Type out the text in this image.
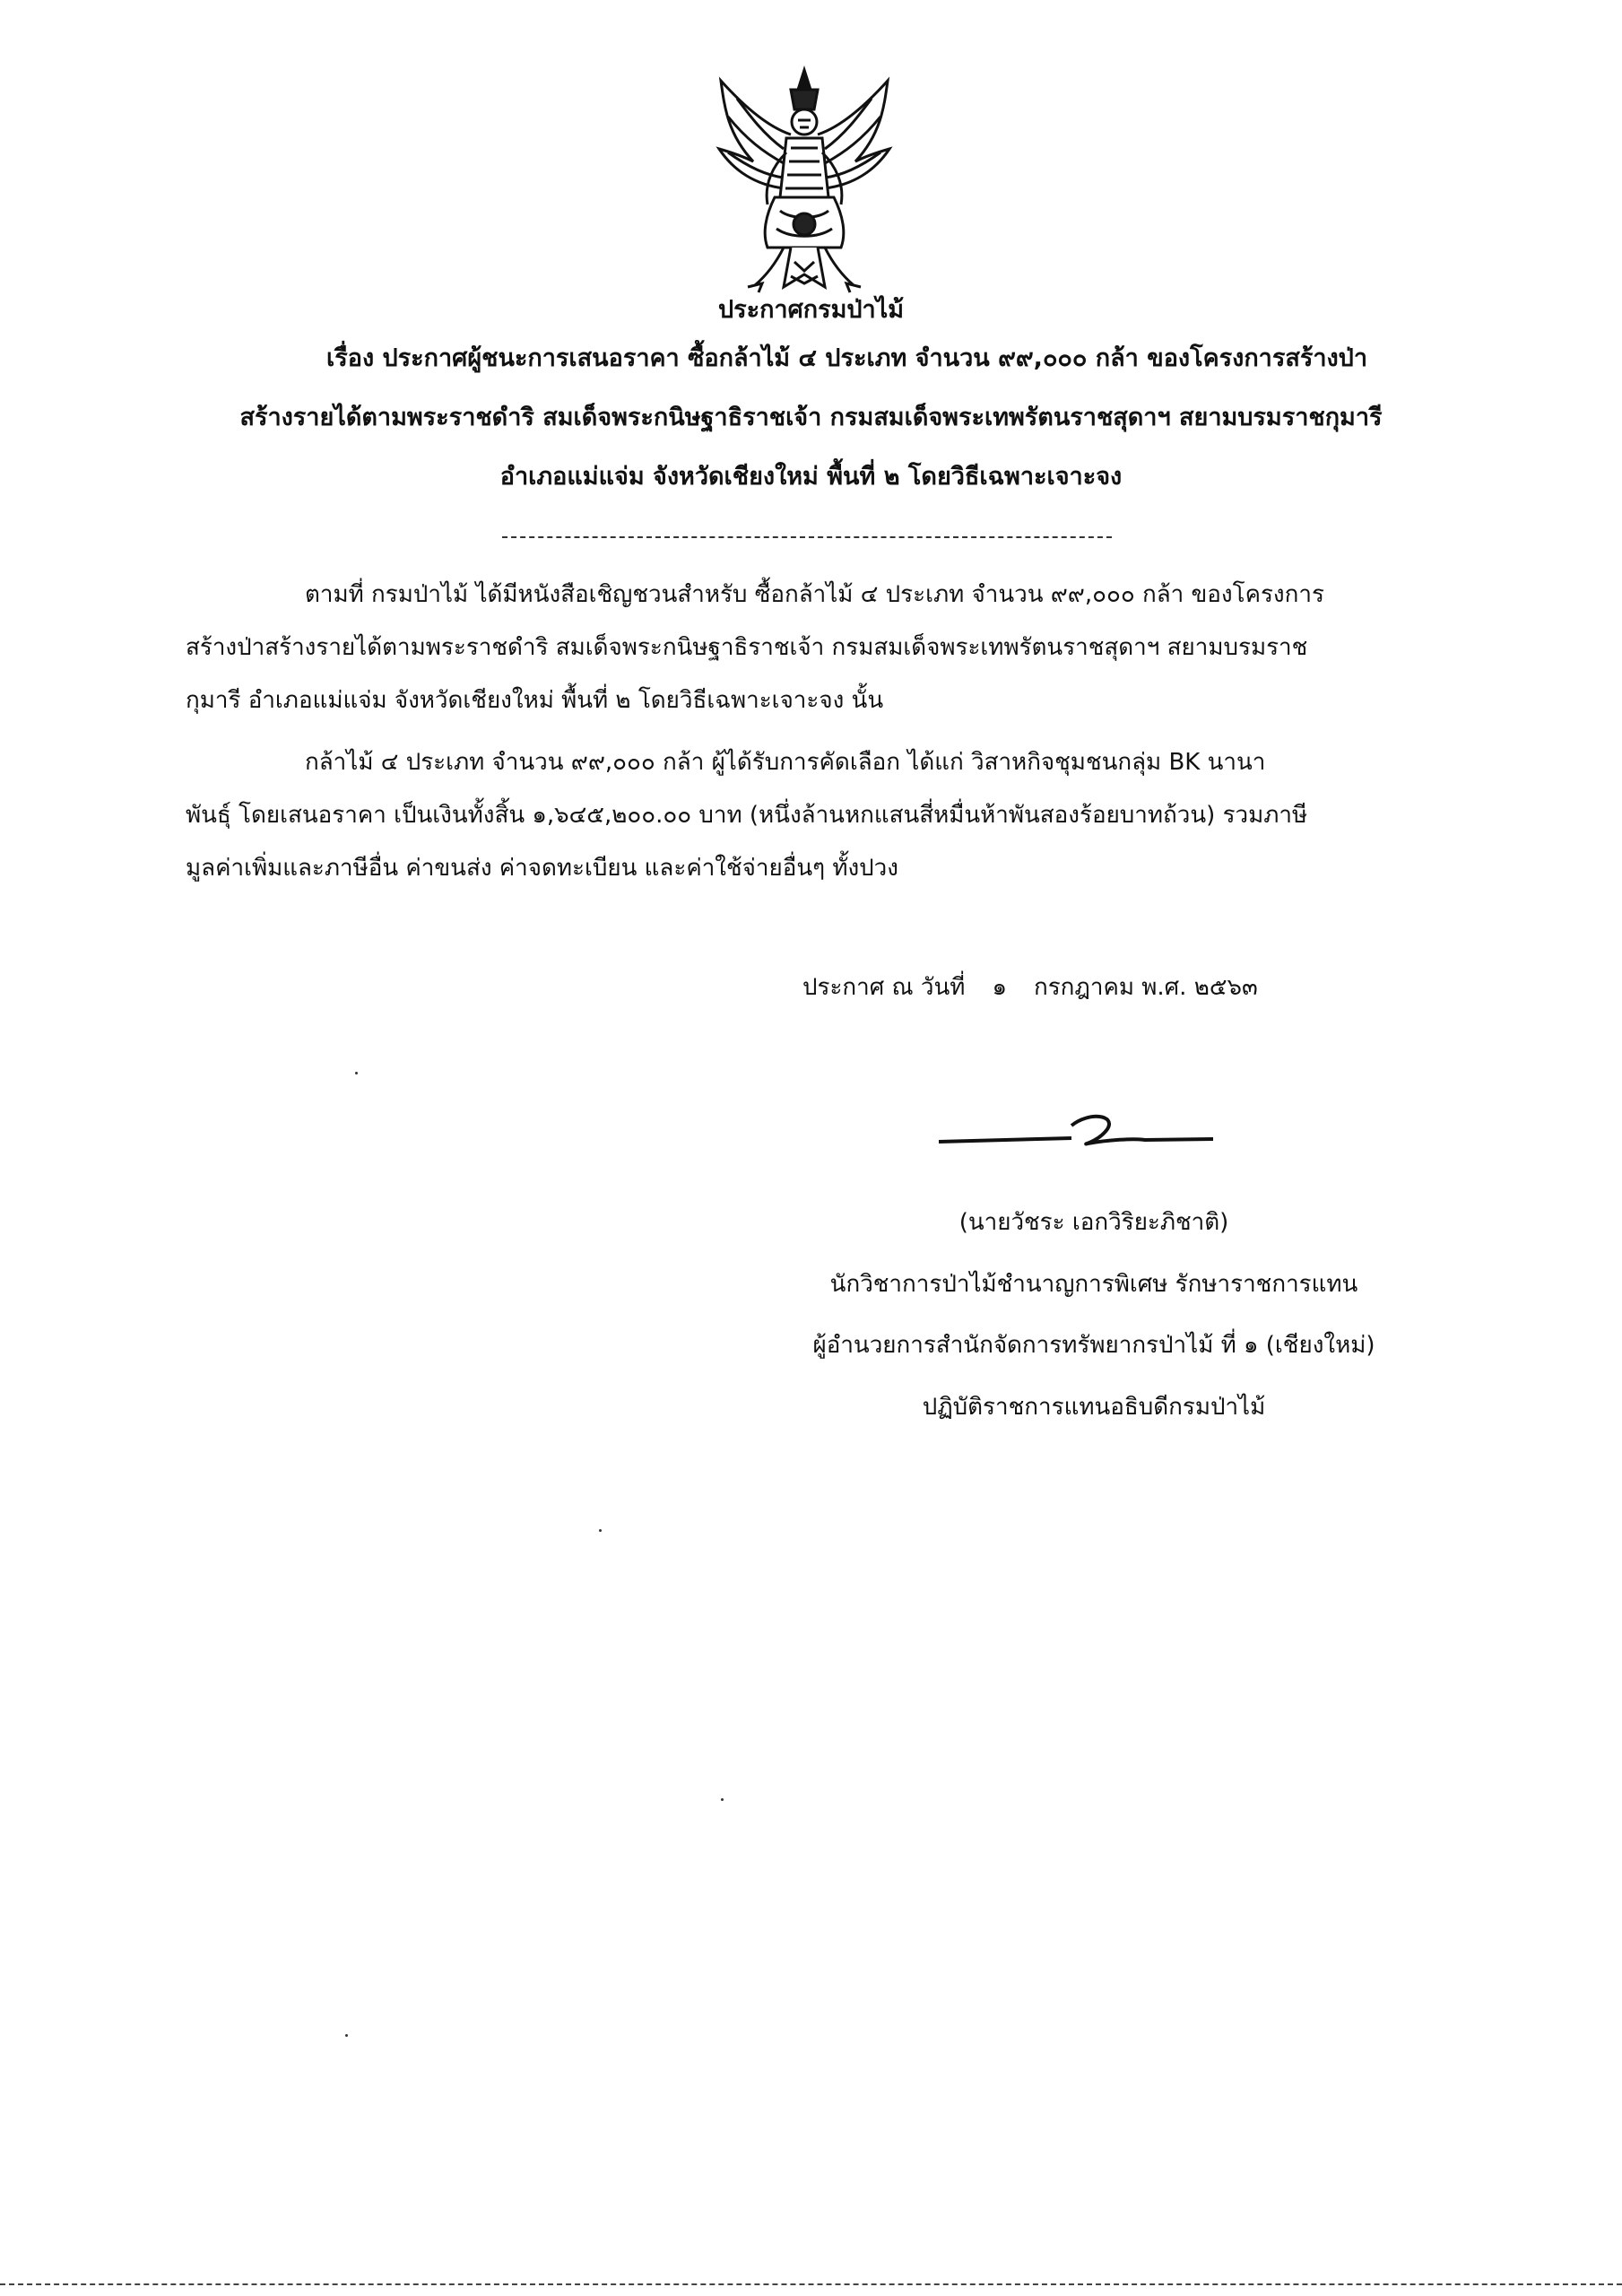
ประกาศกรมป่าไม้

เรื่อง ประกาศผู้ชนะการเสนอราคา ซื้อกล้าไม้ ๔ ประเภท จำนวน ๙๙,๐๐๐ กล้า ของโครงการสร้างป่า

สร้างรายได้ตามพระราชดำริ สมเด็จพระกนิษฐาธิราชเจ้า กรมสมเด็จพระเทพรัตนราชสุดาฯ สยามบรมราชกุมารี

อำเภอแม่แจ่ม จังหวัดเชียงใหม่ พื้นที่ ๒ โดยวิธีเฉพาะเจาะจง

ตามที่ กรมป่าไม้ ได้มีหนังสือเชิญชวนสำหรับ ซื้อกล้าไม้ ๔ ประเภท จำนวน ๙๙,๐๐๐ กล้า ของโครงการ

สร้างป่าสร้างรายได้ตามพระราชดำริ สมเด็จพระกนิษฐาธิราชเจ้า กรมสมเด็จพระเทพรัตนราชสุดาฯ สยามบรมราช

กุมารี อำเภอแม่แจ่ม จังหวัดเชียงใหม่ พื้นที่ ๒ โดยวิธีเฉพาะเจาะจง นั้น

กล้าไม้ ๔ ประเภท จำนวน ๙๙,๐๐๐ กล้า ผู้ได้รับการคัดเลือก ได้แก่ วิสาหกิจชุมชนกลุ่ม BK นานา

พันธุ์ โดยเสนอราคา เป็นเงินทั้งสิ้น ๑,๖๔๕,๒๐๐.๐๐ บาท (หนึ่งล้านหกแสนสี่หมื่นห้าพันสองร้อยบาทถ้วน) รวมภาษี

มูลค่าเพิ่มและภาษีอื่น ค่าขนส่ง ค่าจดทะเบียน และค่าใช้จ่ายอื่นๆ ทั้งปวง

ประกาศ ณ วันที่ ๑ กรกฎาคม พ.ศ. ๒๕๖๓

(นายวัชระ เอกวิริยะภิชาติ)

นักวิชาการป่าไม้ชำนาญการพิเศษ รักษาราชการแทน

ผู้อำนวยการสำนักจัดการทรัพยากรป่าไม้ ที่ ๑ (เชียงใหม่)

ปฏิบัติราชการแทนอธิบดีกรมป่าไม้
